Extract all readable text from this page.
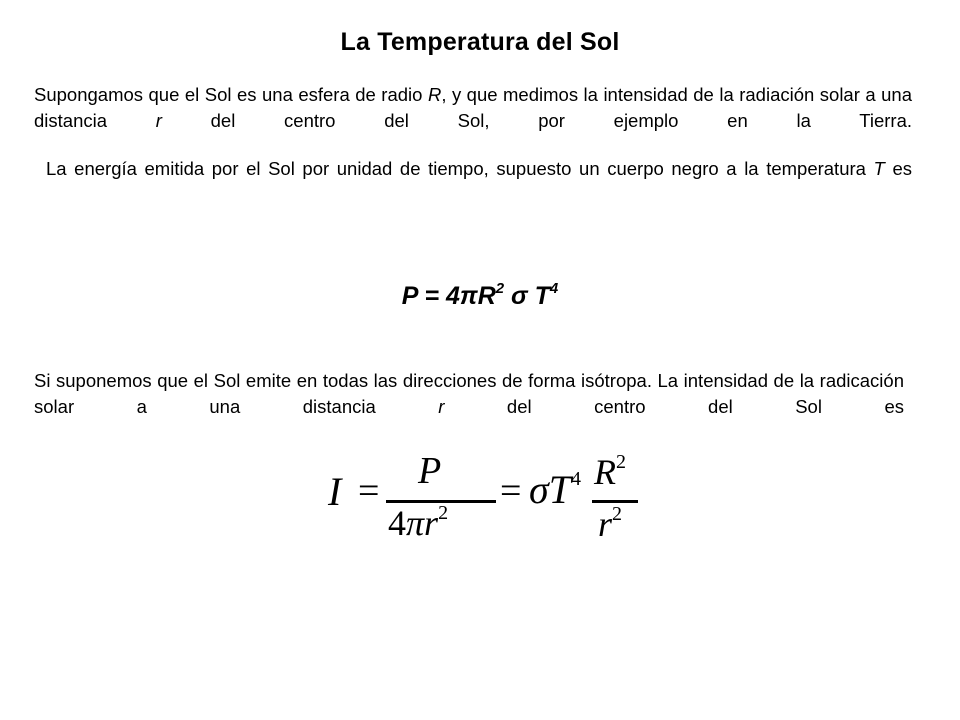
La Temperatura del Sol
Supongamos que el Sol es una esfera de radio R, y que medimos la intensidad de la radiación solar a una distancia r del centro del Sol, por ejemplo en la Tierra.
La energía emitida por el Sol por unidad de tiempo, supuesto un cuerpo negro a la temperatura T es
$P = 4\pi R^2$ σ $T^4$
Si suponemos que el Sol emite en todas las direcciones de forma isótropa. La intensidad de la radicación solar a una distancia r del centro del Sol es
I = P
$4\pi r^2$
= $\sigma T^4$ $R^2$
$r^2$
